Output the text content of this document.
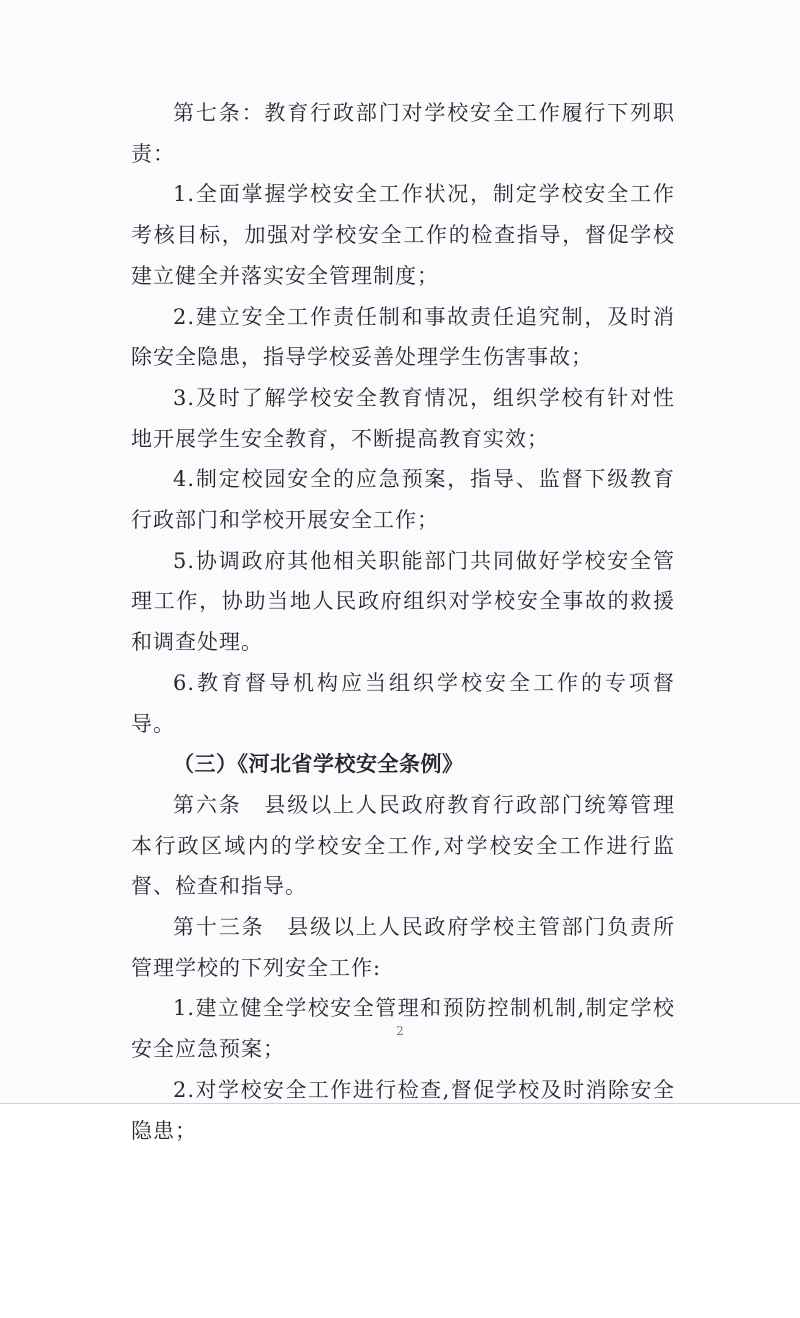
第七条：教育行政部门对学校安全工作履行下列职责：

1.全面掌握学校安全工作状况，制定学校安全工作考核目标，加强对学校安全工作的检查指导，督促学校建立健全并落实安全管理制度；

2.建立安全工作责任制和事故责任追究制，及时消除安全隐患，指导学校妥善处理学生伤害事故；

3.及时了解学校安全教育情况，组织学校有针对性地开展学生安全教育，不断提高教育实效；

4.制定校园安全的应急预案，指导、监督下级教育行政部门和学校开展安全工作；

5.协调政府其他相关职能部门共同做好学校安全管理工作，协助当地人民政府组织对学校安全事故的救援和调查处理。

6.教育督导机构应当组织学校安全工作的专项督导。

（三）《河北省学校安全条例》

第六条　县级以上人民政府教育行政部门统筹管理本行政区域内的学校安全工作,对学校安全工作进行监督、检查和指导。

第十三条　县级以上人民政府学校主管部门负责所管理学校的下列安全工作:

1.建立健全学校安全管理和预防控制机制,制定学校安全应急预案；

2.对学校安全工作进行检查,督促学校及时消除安全隐患；

2
